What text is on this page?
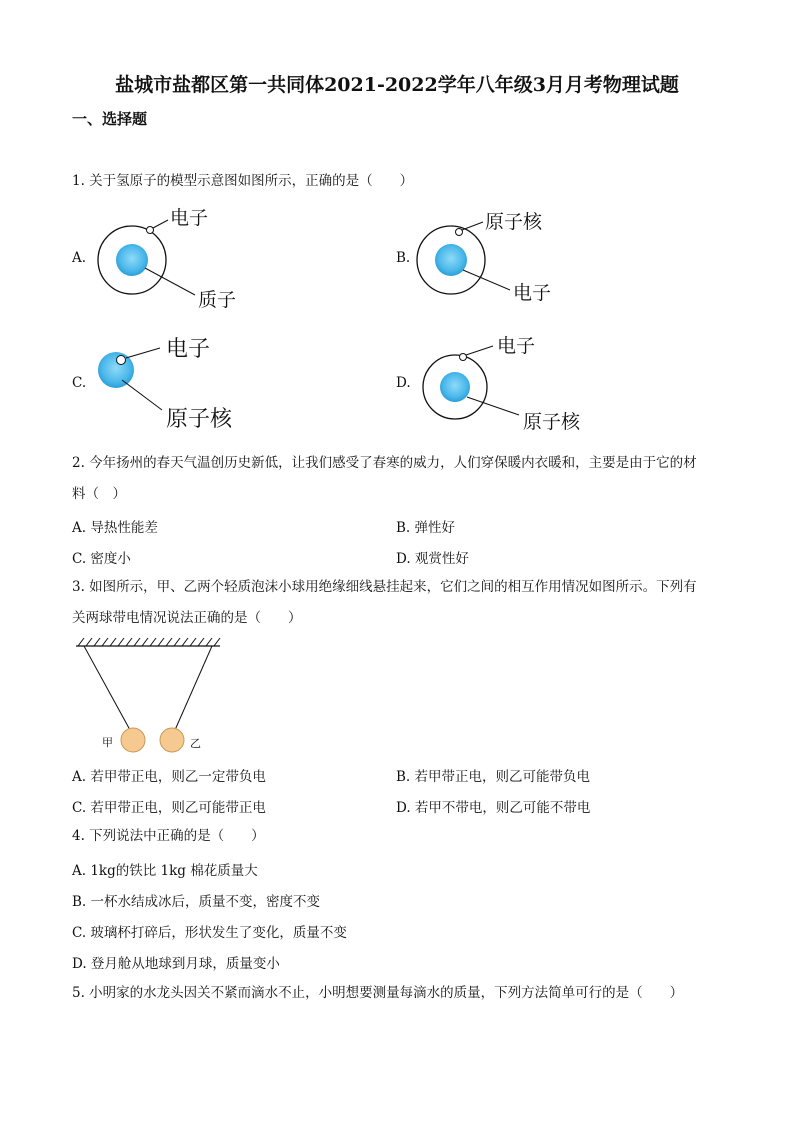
盐城市盐都区第一共同体2021-2022学年八年级3月月考物理试题
一、选择题
1. 关于氢原子的模型示意图如图所示，正确的是（　　）
A.
电子
质子
B.
原子核
电子
C.
电子
原子核
D.
电子
原子核
2. 今年扬州的春天气温创历史新低，让我们感受了春寒的威力，人们穿保暖内衣暖和，主要是由于它的材
料（　）
A. 导热性能差	B. 弹性好
C. 密度小	D. 观赏性好
3. 如图所示，甲、乙两个轻质泡沫小球用绝缘细线悬挂起来，它们之间的相互作用情况如图所示。下列有
关两球带电情况说法正确的是（　　）
甲	乙
A. 若甲带正电，则乙一定带负电	B. 若甲带正电，则乙可能带负电
C. 若甲带正电，则乙可能带正电	D. 若甲不带电，则乙可能不带电
4. 下列说法中正确的是（　　）
A. 1kg的铁比 1kg 棉花质量大
B. 一杯水结成冰后，质量不变，密度不变
C. 玻璃杯打碎后，形状发生了变化，质量不变
D. 登月舱从地球到月球，质量变小
5. 小明家的水龙头因关不紧而滴水不止，小明想要测量每滴水的质量，下列方法简单可行的是（　　）
